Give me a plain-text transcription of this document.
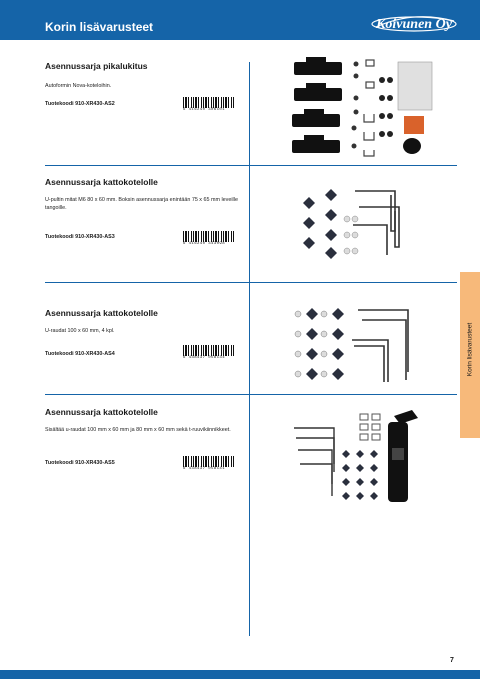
Korin lisävarusteet	Koivunen Oy

Asennussarja pikalukitus

Autoformin Nova-koteloihin.

Tuotekoodi 910-XR430-AS2
6 416240 306101

Asennussarja kattokotelolle

U-pultin mitat M6 80 x 60 mm. Boksin asennussarja enintään 75 x 65 mm leveille tangoille.

Tuotekoodi 910-XR430-AS3
6 416240 343098

Asennussarja kattokotelolle

U-raudat 100 x 60 mm, 4 kpl.

Tuotekoodi 910-XR430-AS4
6 438437 058134

Asennussarja kattokotelolle

Sisältää u-raudat 100 mm x 60 mm ja 80 mm x 60 mm sekä t-ruuvikiinnikkeet.

Tuotekoodi 910-XR430-AS5
6 438437 058141
Korin lisävarusteet
7
